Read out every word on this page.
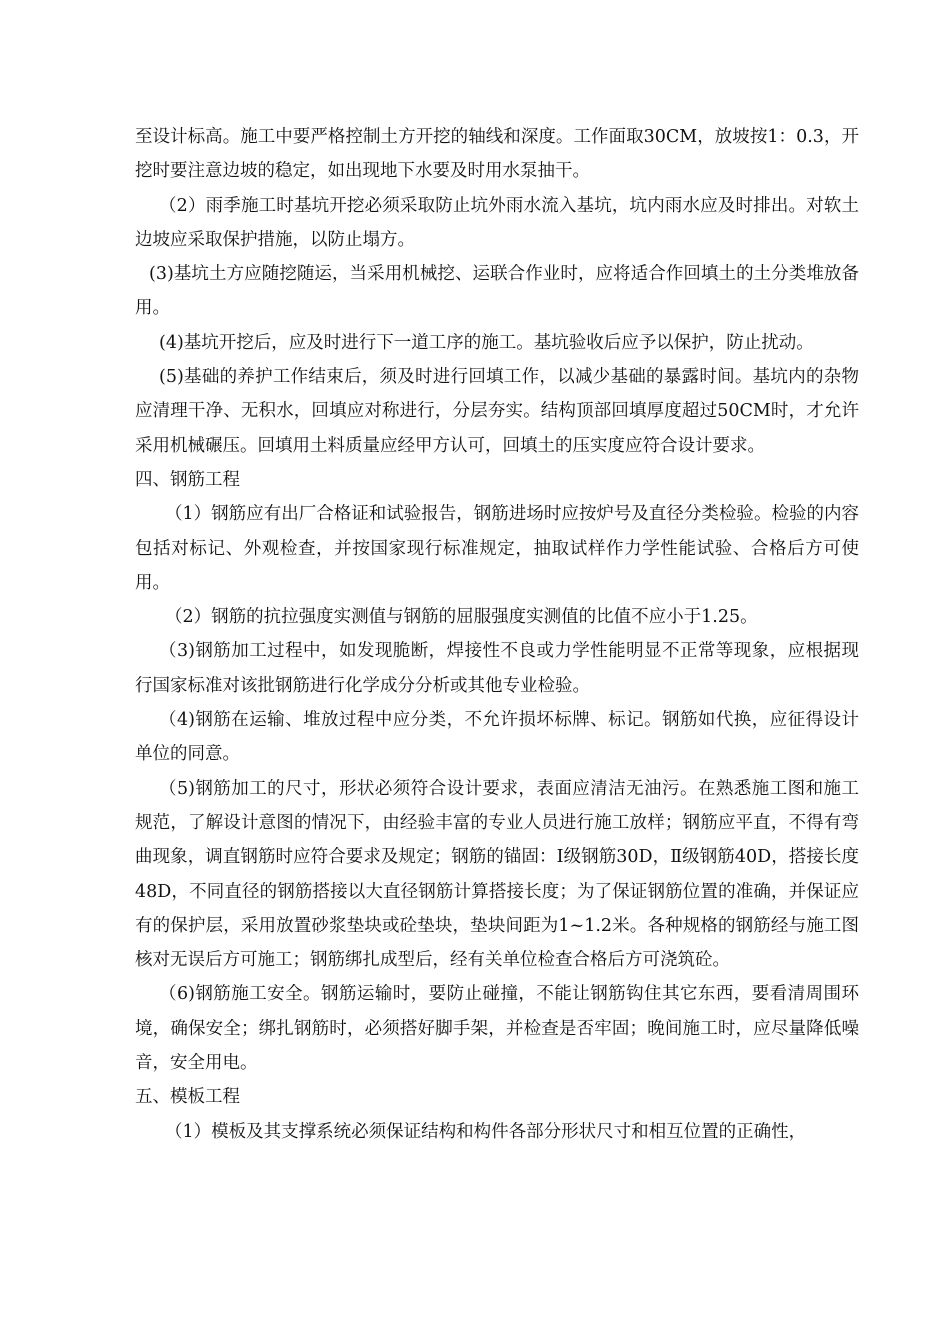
至设计标高。施工中要严格控制土方开挖的轴线和深度。工作面取30CM，放坡按1：0.3，开挖时要注意边坡的稳定，如出现地下水要及时用水泵抽干。

（2）雨季施工时基坑开挖必须采取防止坑外雨水流入基坑，坑内雨水应及时排出。对软土边坡应采取保护措施，以防止塌方。

(3)基坑土方应随挖随运，当采用机械挖、运联合作业时，应将适合作回填土的土分类堆放备用。

(4)基坑开挖后，应及时进行下一道工序的施工。基坑验收后应予以保护，防止扰动。

(5)基础的养护工作结束后，须及时进行回填工作，以减少基础的暴露时间。基坑内的杂物应清理干净、无积水，回填应对称进行，分层夯实。结构顶部回填厚度超过50CM时，才允许采用机械碾压。回填用土料质量应经甲方认可，回填土的压实度应符合设计要求。

四、钢筋工程

（1）钢筋应有出厂合格证和试验报告，钢筋进场时应按炉号及直径分类检验。检验的内容包括对标记、外观检查，并按国家现行标准规定，抽取试样作力学性能试验、合格后方可使用。

（2）钢筋的抗拉强度实测值与钢筋的屈服强度实测值的比值不应小于1.25。

（3)钢筋加工过程中，如发现脆断，焊接性不良或力学性能明显不正常等现象，应根据现行国家标准对该批钢筋进行化学成分分析或其他专业检验。

（4)钢筋在运输、堆放过程中应分类，不允许损坏标牌、标记。钢筋如代换，应征得设计单位的同意。

（5)钢筋加工的尺寸，形状必须符合设计要求，表面应清洁无油污。在熟悉施工图和施工规范，了解设计意图的情况下，由经验丰富的专业人员进行施工放样；钢筋应平直，不得有弯曲现象，调直钢筋时应符合要求及规定；钢筋的锚固：Ⅰ级钢筋30D，Ⅱ级钢筋40D，搭接长度48D，不同直径的钢筋搭接以大直径钢筋计算搭接长度；为了保证钢筋位置的准确，并保证应有的保护层，采用放置砂浆垫块或砼垫块，垫块间距为1~1.2米。各种规格的钢筋经与施工图核对无误后方可施工；钢筋绑扎成型后，经有关单位检查合格后方可浇筑砼。

（6)钢筋施工安全。钢筋运输时，要防止碰撞，不能让钢筋钩住其它东西，要看清周围环境，确保安全；绑扎钢筋时，必须搭好脚手架，并检查是否牢固；晚间施工时，应尽量降低噪音，安全用电。

五、模板工程

（1）模板及其支撑系统必须保证结构和构件各部分形状尺寸和相互位置的正确性，
